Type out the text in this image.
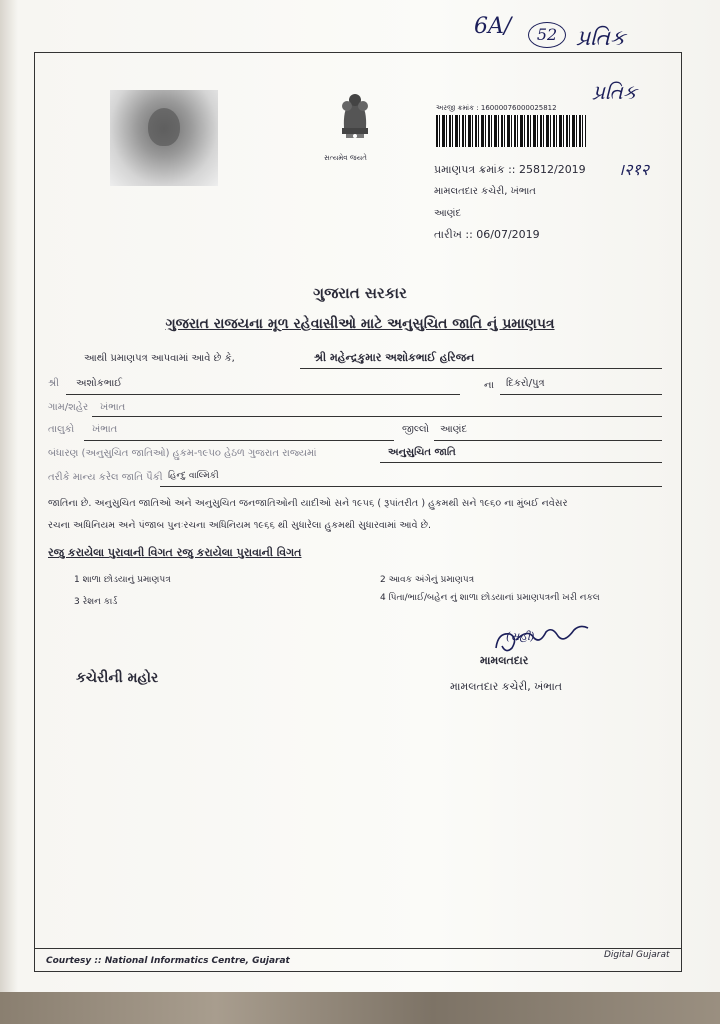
6A/	52 પ્રતિક
પ્રતિક
સત્યમેવ જયતે
અરજી ક્રમાંક : 16000076000025812
પ્રમાણપત્ર ક્રમાંક :: 25812/2019 ।२१२
મામલતદાર કચેરી, ખંભાત
આણંદ
તારીખ :: 06/07/2019
ગુજરાત સરકાર
ગુજરાત રાજયના મૂળ રહેવાસીઓ માટે અનુસુચિત જાતિ નું પ્રમાણપત્ર
આથી પ્રમાણપત્ર આપવામાં આવે છે કે,	શ્રી મહેન્દ્રકુમાર અશોકભાઈ હરિજન
શ્રી અશોકભાઈ	ના દિકરો/પુત્ર
ગામ/શહેર ખંભાત
તાલુકો ખંભાત	જીલ્લો આણંદ
બંધારણ (અનુસુચિત જાતિઓ) હુકમ-૧૯૫૦ હેઠળ ગુજરાત રાજ્યમાં	અનુસુચિત જાતિ
તરીકે માન્ય કરેલ જાતિ પૈકી હિન્દુ વાલ્મિકી
જાતિના છે. અનુસુચિત જાતિઓ અને અનુસુચિત જનજાતિઓની યાદીઓ સને ૧૯૫૬ ( રૂપાંતરીત ) હુકમથી સને ૧૯૬૦ ના મુંબઈ નવેસર
રચના અધિનિયમ અને પંજાબ પુનઃરચના અધિનિયમ ૧૯૬૬ થી સુધારેલા હુકમથી સુધારવામાં આવે છે.
રજુ કરાયેલા પુરાવાની વિગત રજુ કરાયેલા પુરાવાની વિગત
1 શાળા છોડયાનું પ્રમાણપત્ર	2 આવક અંગેનું પ્રમાણપત્ર
3 રેશન કાર્ડ	4 પિતા/ભાઈ/બહેન નું શાળા છોડયાનાં પ્રમાણપત્રની ખરી નકલ
(સહી)
મામલતદાર
કચેરીની મહોર
મામલતદાર કચેરી, ખંભાત
Courtesy :: National Informatics Centre, Gujarat
Digital Gujarat
